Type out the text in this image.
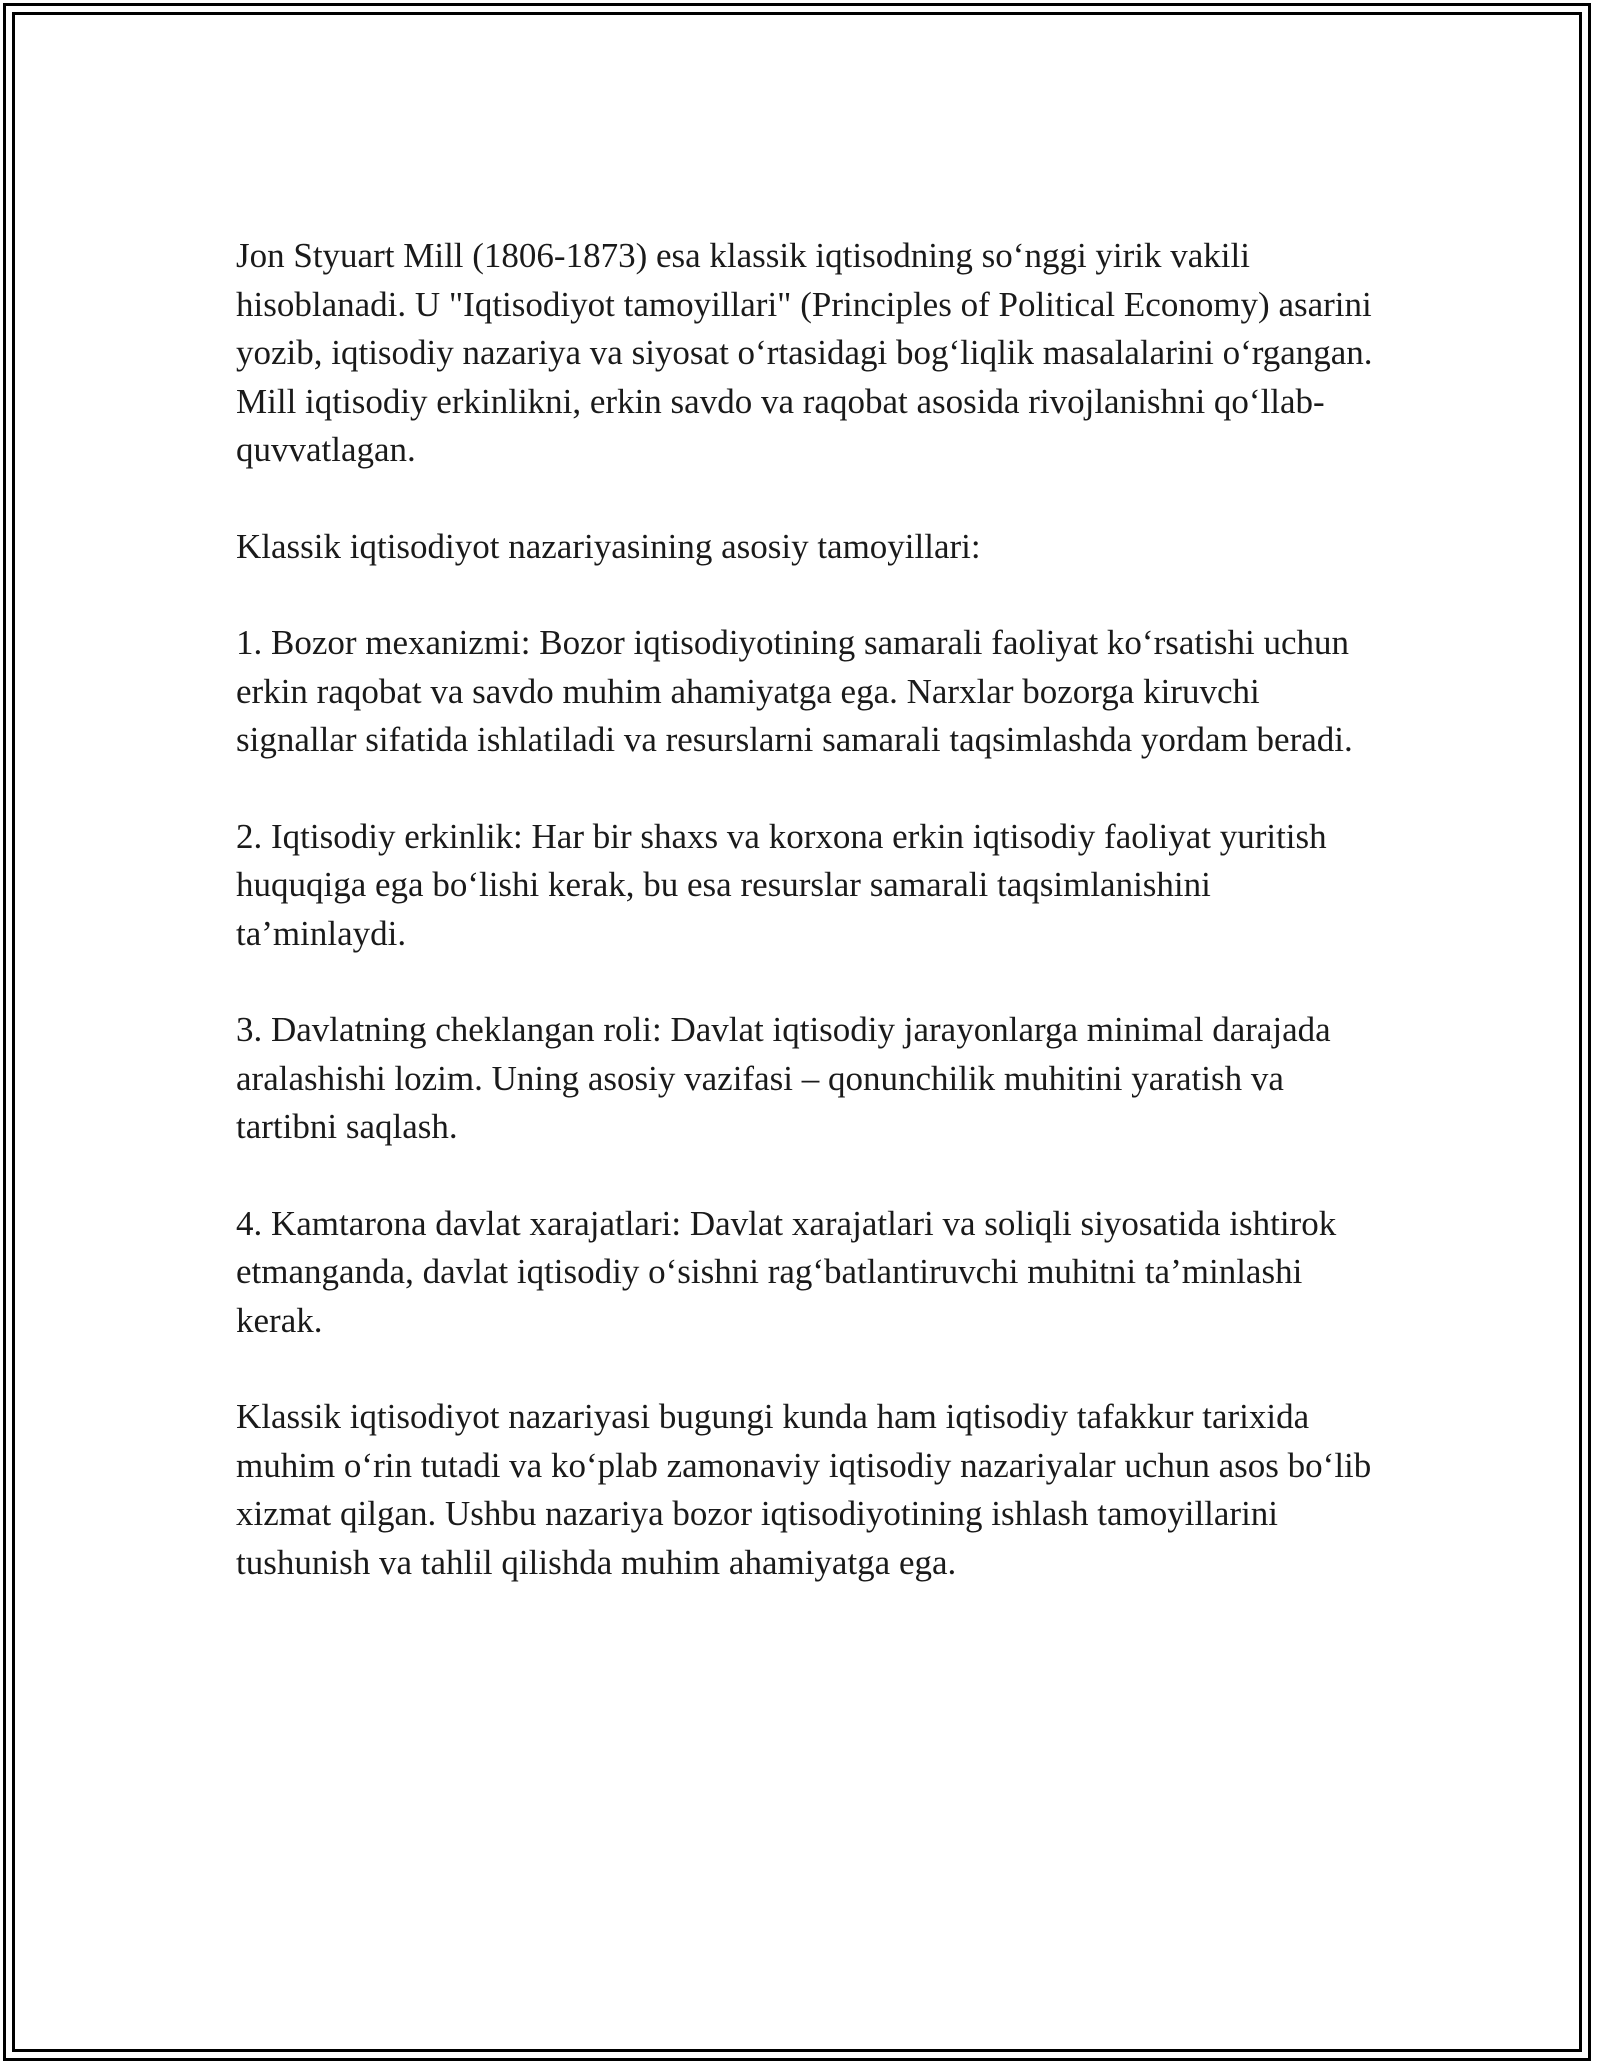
Jon Styuart Mill (1806-1873) esa klassik iqtisodning so‘nggi yirik vakili hisoblanadi. U "Iqtisodiyot tamoyillari" (Principles of Political Economy) asarini yozib, iqtisodiy nazariya va siyosat o‘rtasidagi bog‘liqlik masalalarini o‘rgangan. Mill iqtisodiy erkinlikni, erkin savdo va raqobat asosida rivojlanishni qo‘llab-quvvatlagan.

Klassik iqtisodiyot nazariyasining asosiy tamoyillari:

1. Bozor mexanizmi: Bozor iqtisodiyotining samarali faoliyat ko‘rsatishi uchun erkin raqobat va savdo muhim ahamiyatga ega. Narxlar bozorga kiruvchi signallar sifatida ishlatiladi va resurslarni samarali taqsimlashda yordam beradi.

2. Iqtisodiy erkinlik: Har bir shaxs va korxona erkin iqtisodiy faoliyat yuritish huquqiga ega bo‘lishi kerak, bu esa resurslar samarali taqsimlanishini ta’minlaydi.

3. Davlatning cheklangan roli: Davlat iqtisodiy jarayonlarga minimal darajada aralashishi lozim. Uning asosiy vazifasi – qonunchilik muhitini yaratish va tartibni saqlash.

4. Kamtarona davlat xarajatlari: Davlat xarajatlari va soliqli siyosatida ishtirok etmanganda, davlat iqtisodiy o‘sishni rag‘batlantiruvchi muhitni ta’minlashi kerak.

Klassik iqtisodiyot nazariyasi bugungi kunda ham iqtisodiy tafakkur tarixida muhim o‘rin tutadi va ko‘plab zamonaviy iqtisodiy nazariyalar uchun asos bo‘lib xizmat qilgan. Ushbu nazariya bozor iqtisodiyotining ishlash tamoyillarini tushunish va tahlil qilishda muhim ahamiyatga ega.
